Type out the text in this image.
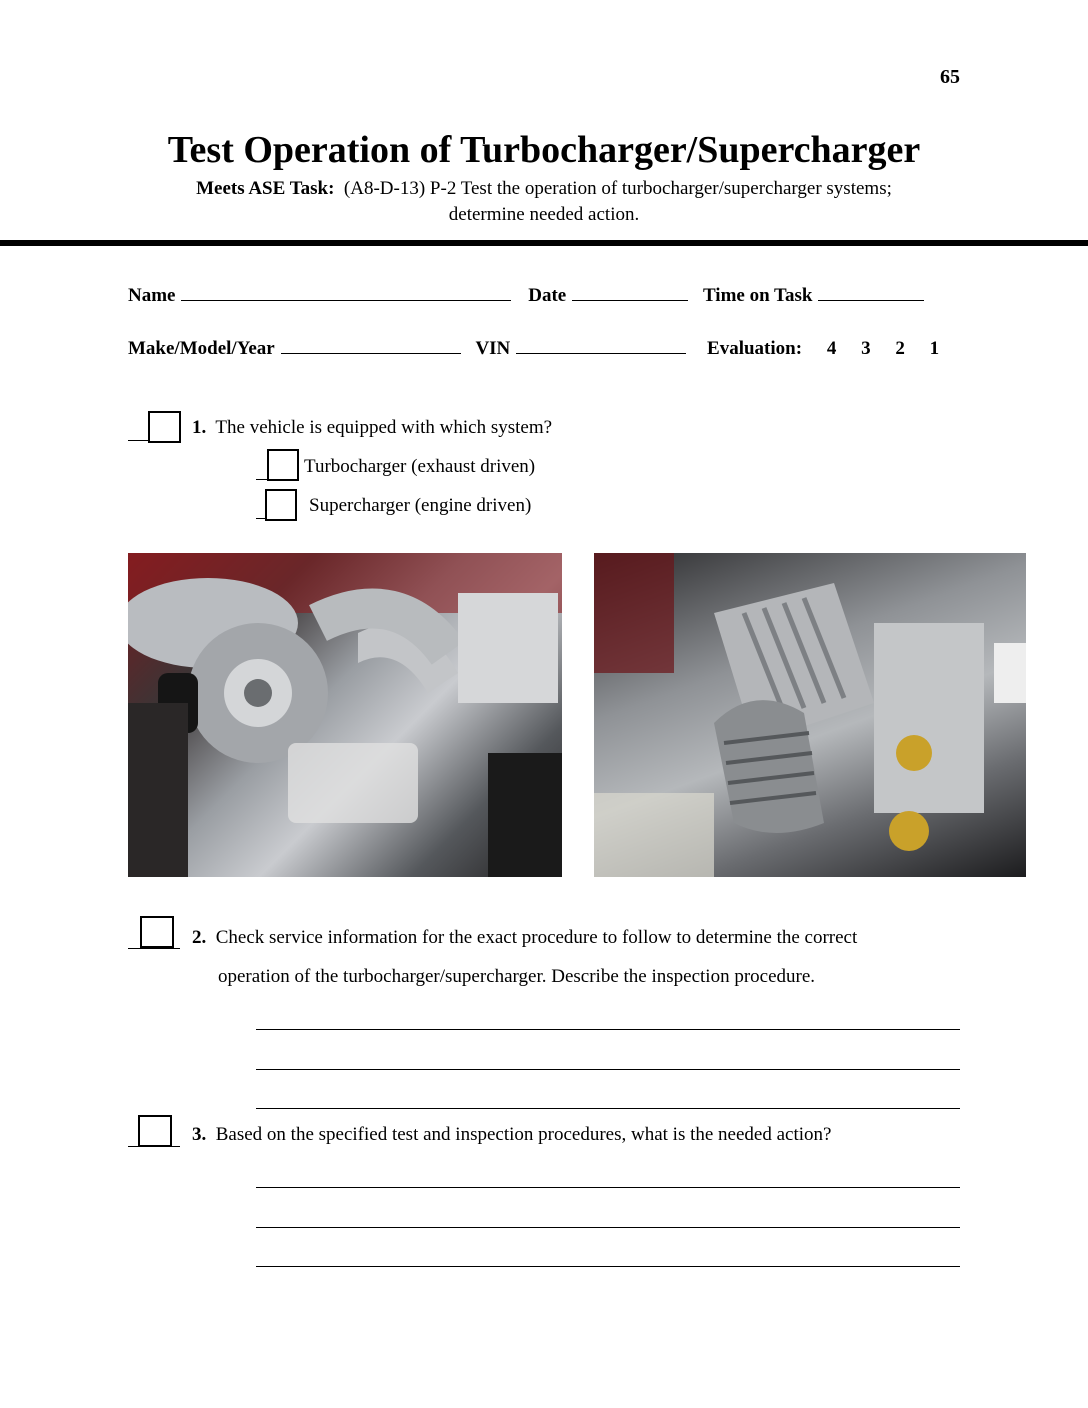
65
Test Operation of Turbocharger/Supercharger
Meets ASE Task: (A8-D-13) P-2 Test the operation of turbocharger/supercharger systems;
determine needed action.
Name	Date	Time on Task
Make/Model/Year	VIN	Evaluation: 4 3 2 1
1. The vehicle is equipped with which system?
Turbocharger (exhaust driven)
Supercharger (engine driven)
2. Check service information for the exact procedure to follow to determine the correct
operation of the turbocharger/supercharger. Describe the inspection procedure.
3. Based on the specified test and inspection procedures, what is the needed action?
